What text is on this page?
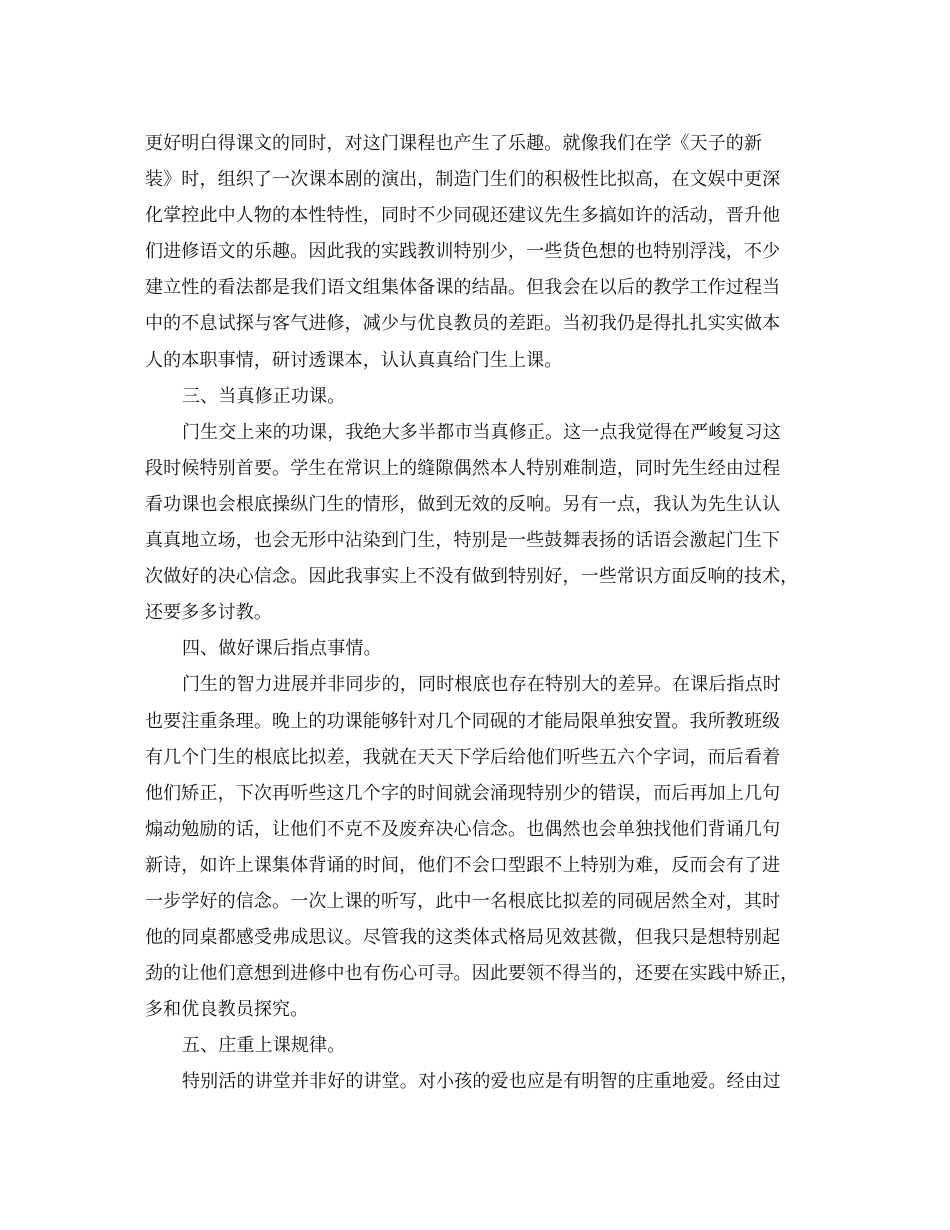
更好明白得课文的同时，对这门课程也产生了乐趣。就像我们在学《天子的新
装》时，组织了一次课本剧的演出，制造门生们的积极性比拟高，在文娱中更深
化掌控此中人物的本性特性，同时不少同砚还建议先生多搞如许的活动，晋升他
们进修语文的乐趣。因此我的实践教训特别少，一些货色想的也特别浮浅，不少
建立性的看法都是我们语文组集体备课的结晶。但我会在以后的教学工作过程当
中的不息试探与客气进修，减少与优良教员的差距。当初我仍是得扎扎实实做本
人的本职事情，研讨透课本，认认真真给门生上课。
三、当真修正功课。
门生交上来的功课，我绝大多半都市当真修正。这一点我觉得在严峻复习这
段时候特别首要。学生在常识上的缝隙偶然本人特别难制造，同时先生经由过程
看功课也会根底操纵门生的情形，做到无效的反响。另有一点，我认为先生认认
真真地立场，也会无形中沾染到门生，特别是一些鼓舞表扬的话语会激起门生下
次做好的决心信念。因此我事实上不没有做到特别好，一些常识方面反响的技术，
还要多多讨教。
四、做好课后指点事情。
门生的智力进展并非同步的，同时根底也存在特别大的差异。在课后指点时
也要注重条理。晚上的功课能够针对几个同砚的才能局限单独安置。我所教班级
有几个门生的根底比拟差，我就在天天下学后给他们听些五六个字词，而后看着
他们矫正，下次再听些这几个字的时间就会涌现特别少的错误，而后再加上几句
煽动勉励的话，让他们不克不及废弃决心信念。也偶然也会单独找他们背诵几句
新诗，如许上课集体背诵的时间，他们不会口型跟不上特别为难，反而会有了进
一步学好的信念。一次上课的听写，此中一名根底比拟差的同砚居然全对，其时
他的同桌都感受弗成思议。尽管我的这类体式格局见效甚微，但我只是想特别起
劲的让他们意想到进修中也有伤心可寻。因此要领不得当的，还要在实践中矫正，
多和优良教员探究。
五、庄重上课规律。
特别活的讲堂并非好的讲堂。对小孩的爱也应是有明智的庄重地爱。经由过
